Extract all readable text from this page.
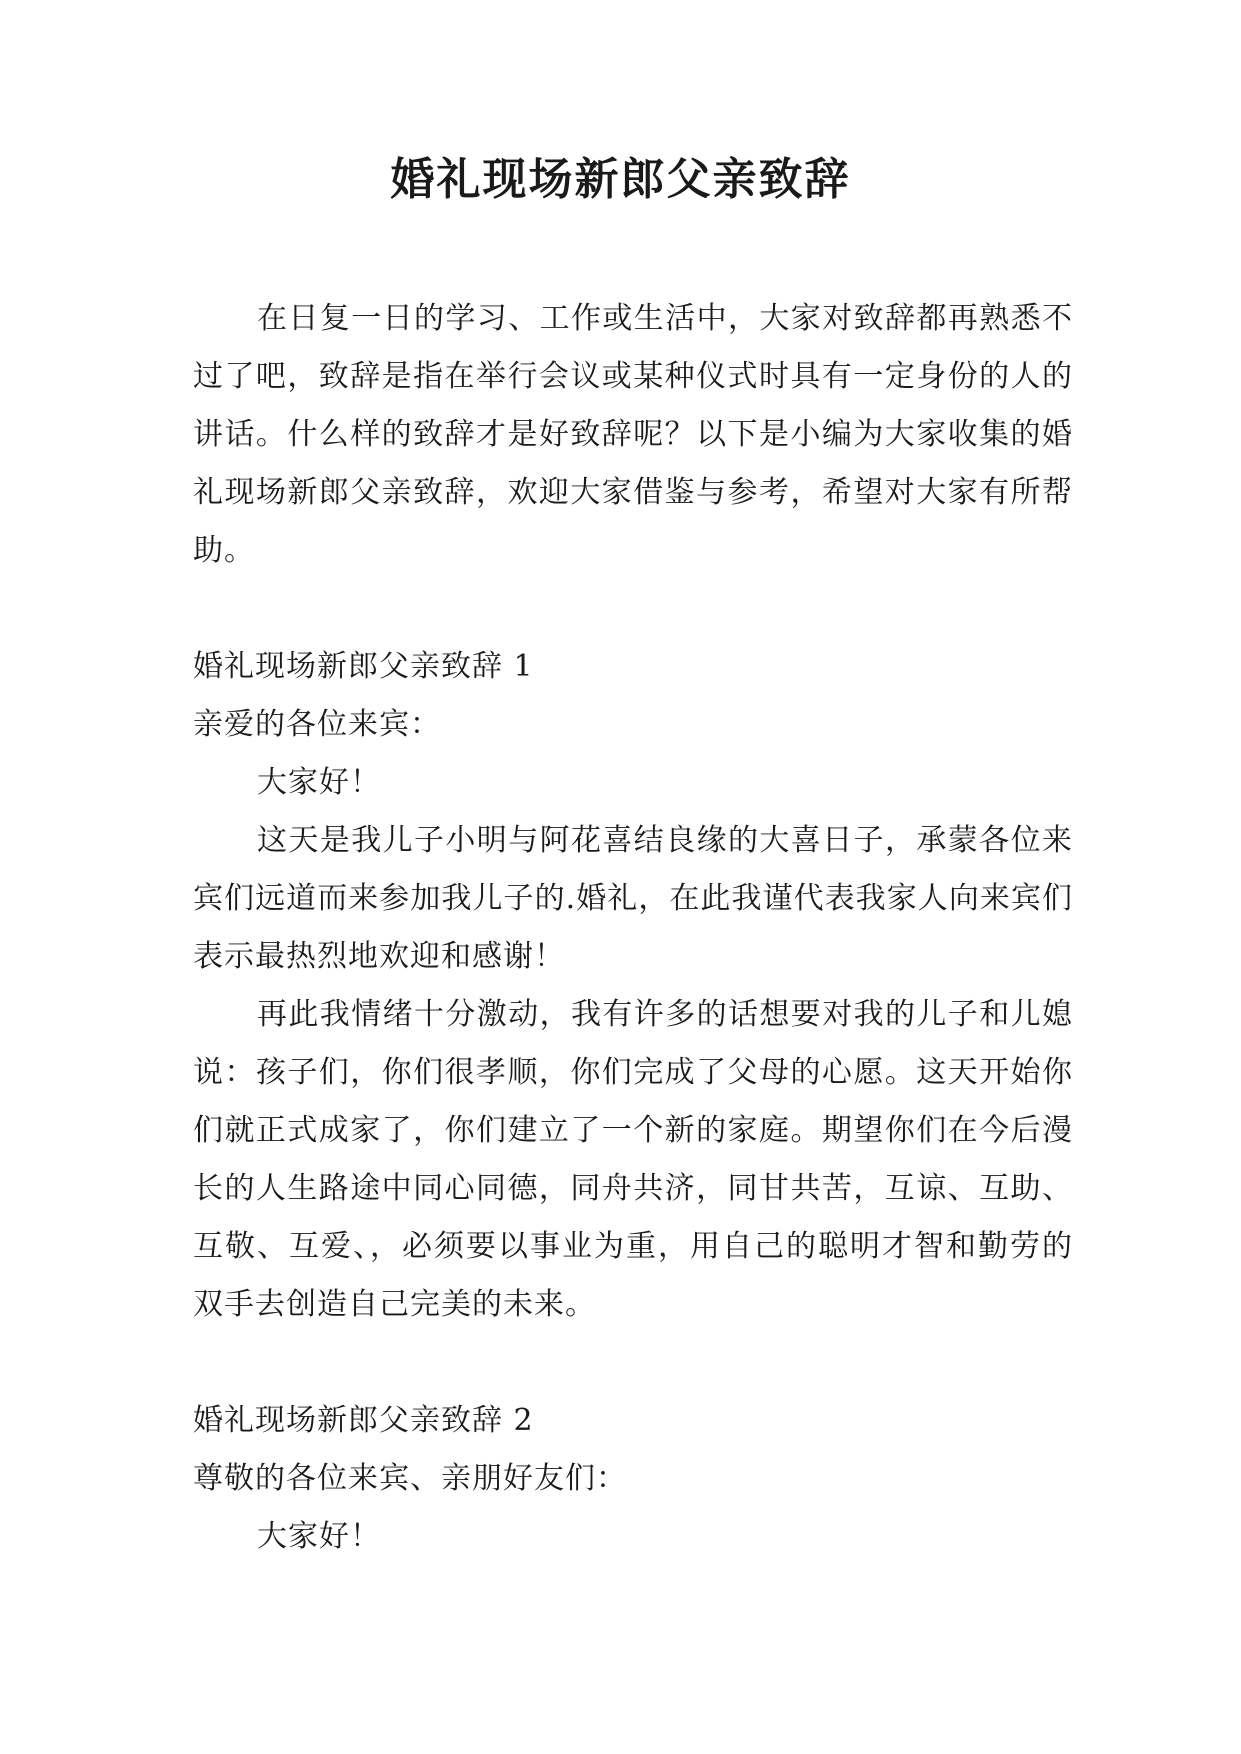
婚礼现场新郎父亲致辞

在日复一日的学习、工作或生活中，大家对致辞都再熟悉不过了吧，致辞是指在举行会议或某种仪式时具有一定身份的人的讲话。什么样的致辞才是好致辞呢？以下是小编为大家收集的婚礼现场新郎父亲致辞，欢迎大家借鉴与参考，希望对大家有所帮助。

婚礼现场新郎父亲致辞 1

亲爱的各位来宾：

大家好！

这天是我儿子小明与阿花喜结良缘的大喜日子，承蒙各位来宾们远道而来参加我儿子的.婚礼，在此我谨代表我家人向来宾们表示最热烈地欢迎和感谢！

再此我情绪十分激动，我有许多的话想要对我的儿子和儿媳说：孩子们，你们很孝顺，你们完成了父母的心愿。这天开始你们就正式成家了，你们建立了一个新的家庭。期望你们在今后漫长的人生路途中同心同德，同舟共济，同甘共苦，互谅、互助、互敬、互爱、，必须要以事业为重，用自己的聪明才智和勤劳的双手去创造自己完美的未来。

婚礼现场新郎父亲致辞 2

尊敬的各位来宾、亲朋好友们：

大家好！
